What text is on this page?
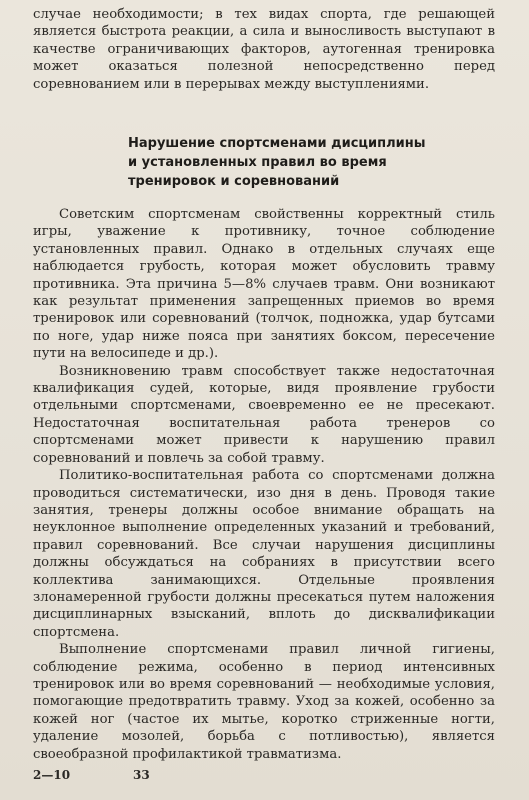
случае необходимости; в тех видах спорта, где решающей является быстрота реакции, а сила и выносливость выступают в качестве ограничивающих факторов, аутогенная тренировка может оказаться полезной непосредственно перед соревнованием или в перерывах между выступлениями.

Нарушение спортсменами дисциплины
и установленных правил во время
тренировок и соревнований

Советским спортсменам свойственны корректный стиль игры, уважение к противнику, точное соблюдение установленных правил. Однако в отдельных случаях еще наблюдается грубость, которая может обусловить травму противника. Эта причина 5—8% случаев травм. Они возникают как результат применения запрещенных приемов во время тренировок или соревнований (толчок, подножка, удар бутсами по ноге, удар ниже пояса при занятиях боксом, пересечение пути на велосипеде и др.).

Возникновению травм способствует также недостаточная квалификация судей, которые, видя проявление грубости отдельными спортсменами, своевременно ее не пресекают. Недостаточная воспитательная работа тренеров со спортсменами может привести к нарушению правил соревнований и повлечь за собой травму.

Политико-воспитательная работа со спортсменами должна проводиться систематически, изо дня в день. Проводя такие занятия, тренеры должны особое внимание обращать на неуклонное выполнение определенных указаний и требований, правил соревнований. Все случаи нарушения дисциплины должны обсуждаться на собраниях в присутствии всего коллектива занимающихся. Отдельные проявления злонамеренной грубости должны пресекаться путем наложения дисциплинарных взысканий, вплоть до дисквалификации спортсмена.

Выполнение спортсменами правил личной гигиены, соблюдение режима, особенно в период интенсивных тренировок или во время соревнований — необходимые условия, помогающие предотвратить травму. Уход за кожей, особенно за кожей ног (частое их мытье, коротко стриженные ногти, удаление мозолей, борьба с потливостью), является своеобразной профилактикой травматизма.

2—10	33
